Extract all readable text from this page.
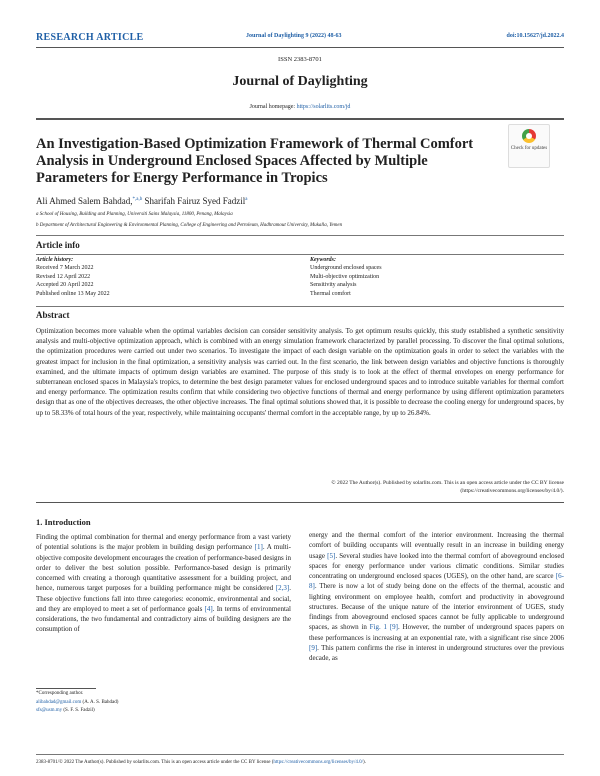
RESEARCH ARTICLE	Journal of Daylighting 9 (2022) 48-63	doi:10.15627/jd.2022.4
ISSN 2383-8701
Journal of Daylighting
Journal homepage: https://solarlits.com/jd
An Investigation-Based Optimization Framework of Thermal Comfort Analysis in Underground Enclosed Spaces Affected by Multiple Parameters for Energy Performance in Tropics
Check for updates
Ali Ahmed Salem Bahdad,$^{*,a,b}$ Sharifah Fairuz Syed Fadzil$^a$
a School of Housing, Building and Planning, Universiti Sains Malaysia, 11800, Penang, Malaysia
b Department of Architectural Engineering & Environmental Planning, College of Engineering and Petroleum, Hadhramout University, Mukalla, Yemen
Article info
Article history:
Received 7 March 2022
Revised 12 April 2022
Accepted 20 April 2022
Published online 13 May 2022
Keywords:
Underground enclosed spaces
Multi-objective optimization
Sensitivity analysis
Thermal comfort
Abstract
Optimization becomes more valuable when the optimal variables decision can consider sensitivity analysis. To get optimum results quickly, this study established a synthetic sensitivity analysis and multi-objective optimization approach, which is combined with an energy simulation framework characterized by parallel processing. To discover the final optimal solutions, the optimization procedures were carried out under two scenarios. To investigate the impact of each design variable on the optimization goals in order to select the variables with the greatest impact for inclusion in the final optimization, a sensitivity analysis was carried out. In the first scenario, the link between design variables and objective functions is thoroughly examined, and the ultimate impacts of optimum design variables are examined. The purpose of this study is to look at the effect of thermal envelopes on energy performance for subterranean enclosed spaces in Malaysia's tropics, to determine the best design parameter values for enclosed underground spaces and to introduce suitable variables for thermal comfort and energy performance. The optimization results confirm that while considering two objective functions of thermal and energy performance by using different optimization parameters design that as one of the objectives decreases, the other objective increases. The final optimal solutions showed that, it is possible to decrease the cooling energy for underground spaces, by up to 58.33% of total hours of the year, respectively, while maintaining occupants' thermal comfort in the acceptable range, by up to 26.84%.
© 2022 The Author(s). Published by solarlits.com. This is an open access article under the CC BY license
(https://creativecommons.org/licenses/by/4.0/).
1. Introduction
Finding the optimal combination for thermal and energy performance from a vast variety of potential solutions is the major problem in building design performance [1]. A multi-objective composite development encourages the creation of performance-based designs in order to deliver the best solution possible. Performance-based design is primarily concerned with creating a thorough quantitative assessment for a building project, and hence, numerous target purposes for a building performance might be considered [2,3]. These objective functions fall into three categories: economic, environmental and social, and they are employed to meet a set of performance goals [4]. In terms of environmental considerations, the two fundamental and contradictory aims of building designers are the consumption of
energy and the thermal comfort of the interior environment. Increasing the thermal comfort of building occupants will eventually result in an increase in building energy usage [5]. Several studies have looked into the thermal comfort of aboveground enclosed spaces for energy performance under various climatic conditions. Similar studies concentrating on underground enclosed spaces (UGES), on the other hand, are scarce [6-8]. There is now a lot of study being done on the effects of the thermal, acoustic and lighting environment on employee health, comfort and productivity in aboveground structures. Because of the unique nature of the interior environment of UGES, study findings from aboveground enclosed spaces cannot be fully applicable to underground spaces, as shown in Fig. 1 [9]. However, the number of underground spaces papers on these performances is increasing at an exponential rate, with a significant rise since 2006 [9]. This pattern confirms the rise in interest in underground structures over the previous decade, as
*Corresponding author.
alibahdad@gmail.com (A. A. S. Bahdad)
sfs@usm.my (S. F. S. Fadzil)
2383-8701/© 2022 The Author(s). Published by solarlits.com. This is an open access article under the CC BY license (https://creativecommons.org/licenses/by/4.0/).
